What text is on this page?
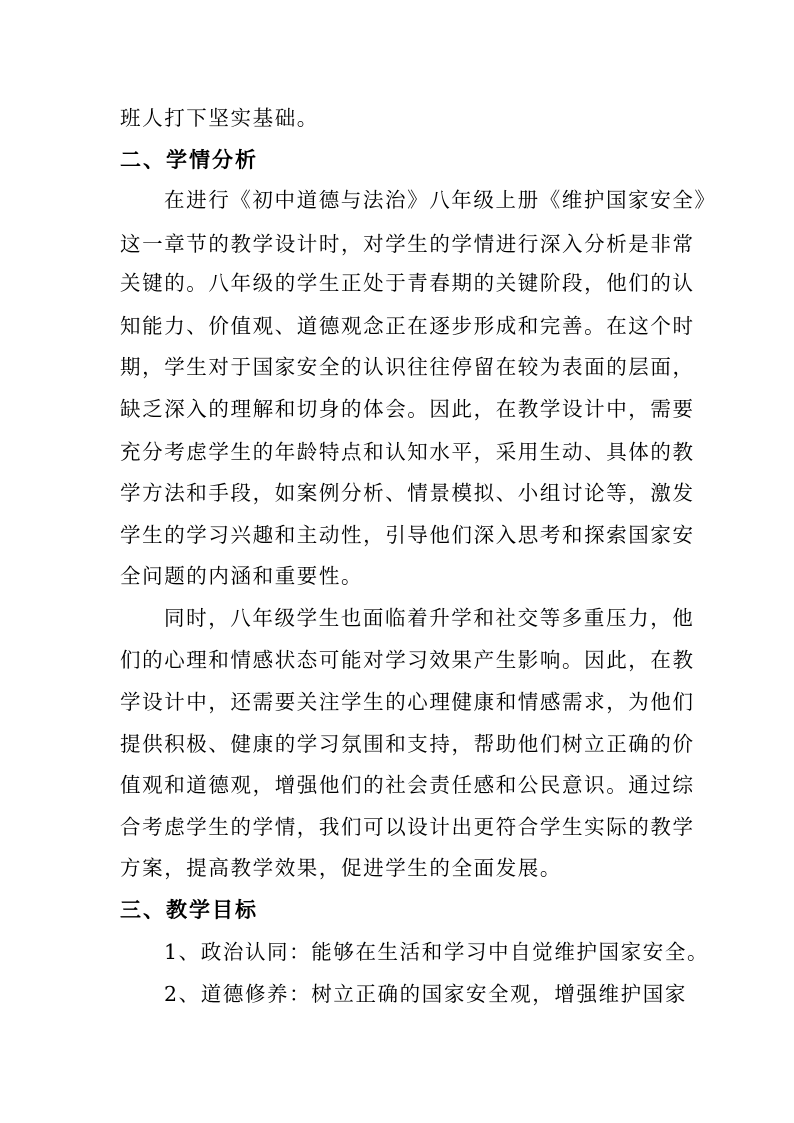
班人打下坚实基础。
二、学情分析
在进行《初中道德与法治》八年级上册《维护国家安全》
这一章节的教学设计时，对学生的学情进行深入分析是非常
关键的。八年级的学生正处于青春期的关键阶段，他们的认
知能力、价值观、道德观念正在逐步形成和完善。在这个时
期，学生对于国家安全的认识往往停留在较为表面的层面，
缺乏深入的理解和切身的体会。因此，在教学设计中，需要
充分考虑学生的年龄特点和认知水平，采用生动、具体的教
学方法和手段，如案例分析、情景模拟、小组讨论等，激发
学生的学习兴趣和主动性，引导他们深入思考和探索国家安
全问题的内涵和重要性。
同时，八年级学生也面临着升学和社交等多重压力，他
们的心理和情感状态可能对学习效果产生影响。因此，在教
学设计中，还需要关注学生的心理健康和情感需求，为他们
提供积极、健康的学习氛围和支持，帮助他们树立正确的价
值观和道德观，增强他们的社会责任感和公民意识。通过综
合考虑学生的学情，我们可以设计出更符合学生实际的教学
方案，提高教学效果，促进学生的全面发展。
三、教学目标
1、政治认同：能够在生活和学习中自觉维护国家安全。
2、道德修养：树立正确的国家安全观，增强维护国家
